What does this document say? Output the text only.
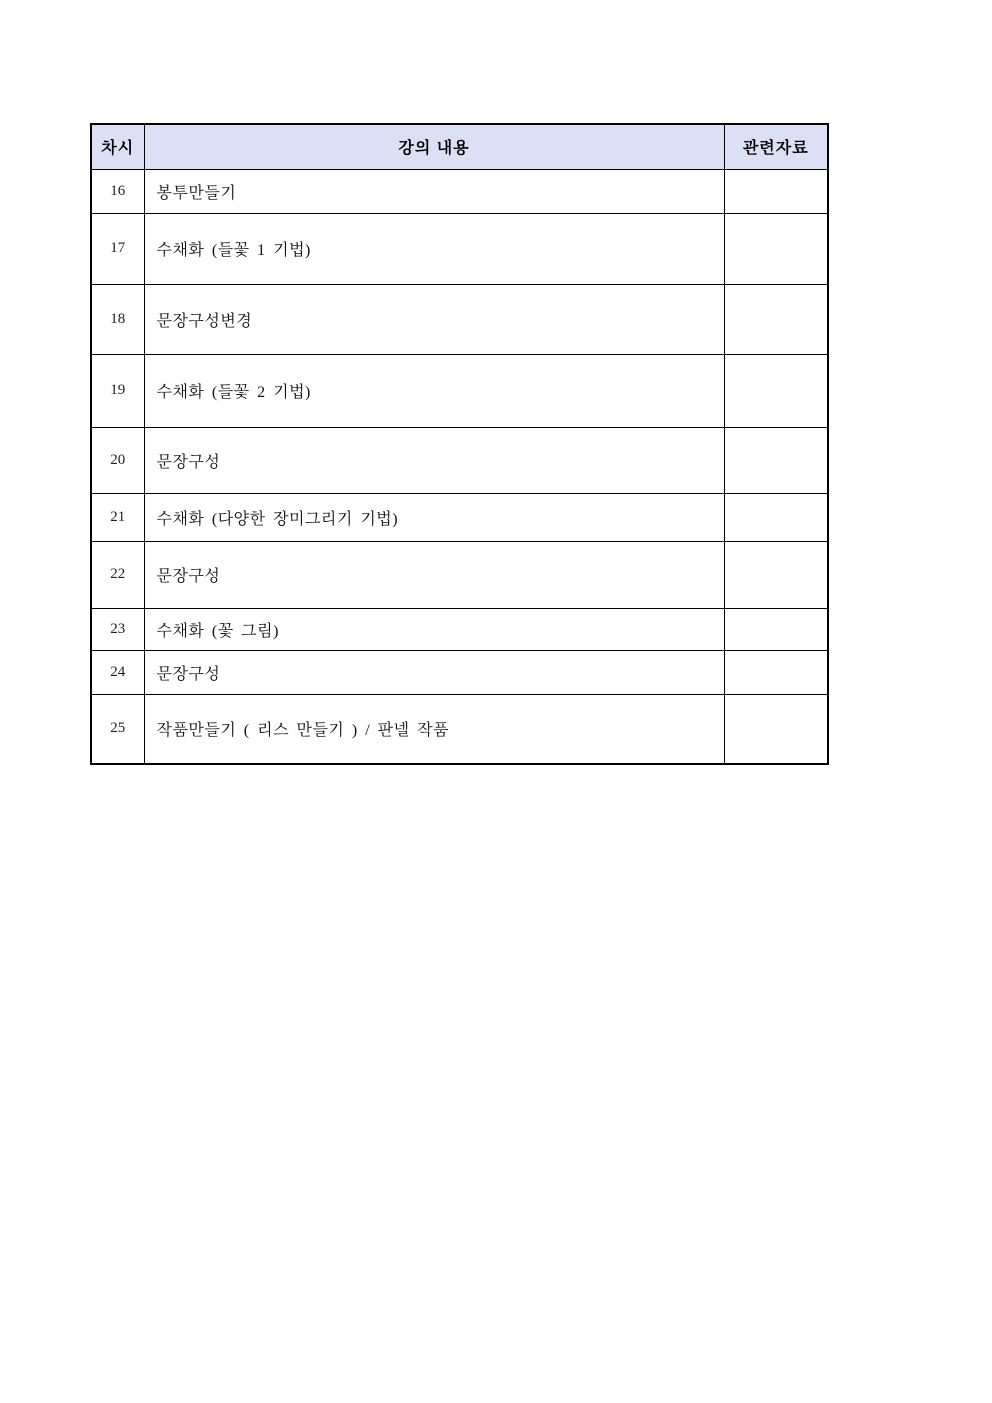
차시	강의 내용	관련자료
16	봉투만들기	
17	수채화 (들꽃 1 기법)	
18	문장구성변경	
19	수채화 (들꽃 2 기법)	
20	문장구성	
21	수채화 (다양한 장미그리기 기법)	
22	문장구성	
23	수채화 (꽃 그림)	
24	문장구성	
25	작품만들기 ( 리스 만들기 ) / 판넬 작품	
